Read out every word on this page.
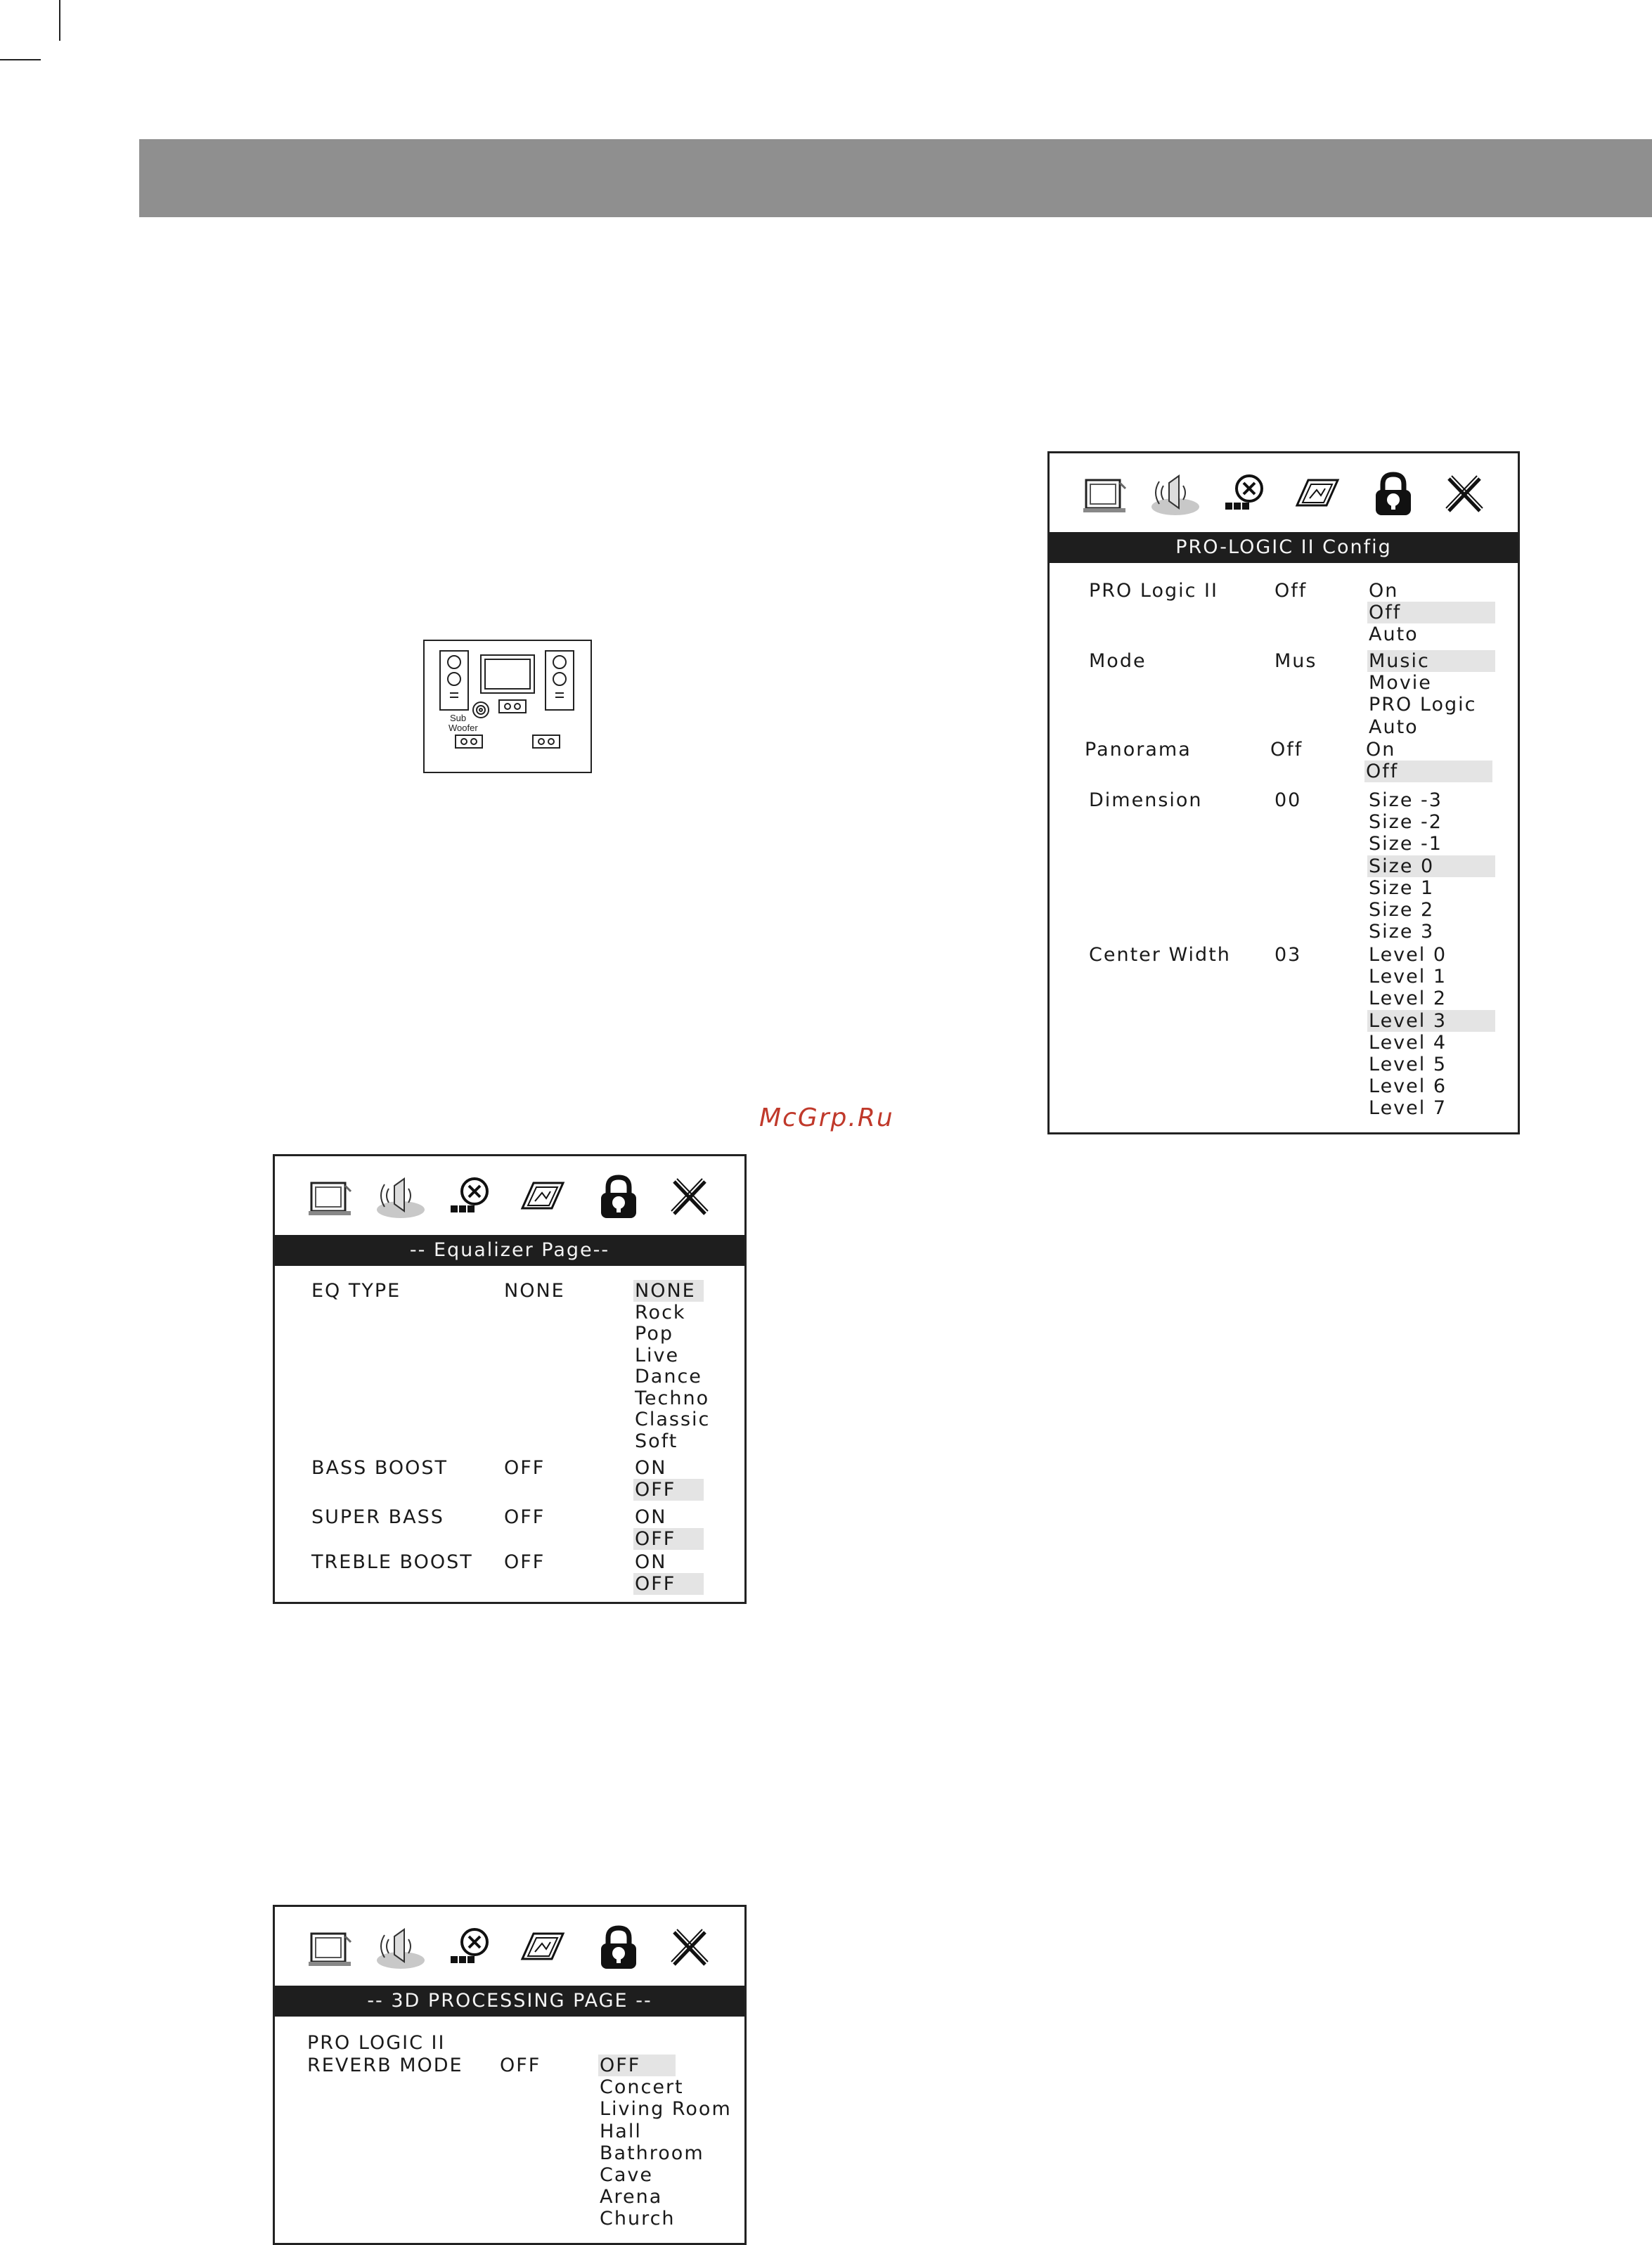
Sub
Woofer
McGrp.Ru
PRO-LOGIC II Config
PRO Logic II	Off	On
Off
Auto
Mode	Mus	Music
Movie
PRO Logic
Auto
Panorama	Off	On
Off
Dimension	00	Size -3
Size -2
Size -1
Size 0
Size 1
Size 2
Size 3
Center Width 03	Level 0
Level 1
Level 2
Level 3
Level 4
Level 5
Level 6
Level 7
-- Equalizer Page--
EQ TYPE	NONE	NONE
Rock
Pop
Live
Dance
Techno
Classic
Soft
BASS BOOST	OFF	ON
OFF
SUPER BASS	OFF	ON
OFF
TREBLE BOOST OFF	ON
OFF
-- 3D PROCESSING PAGE --
PRO LOGIC II
REVERB MODE OFF	OFF
Concert
Living Room
Hall
Bathroom
Cave
Arena
Church
